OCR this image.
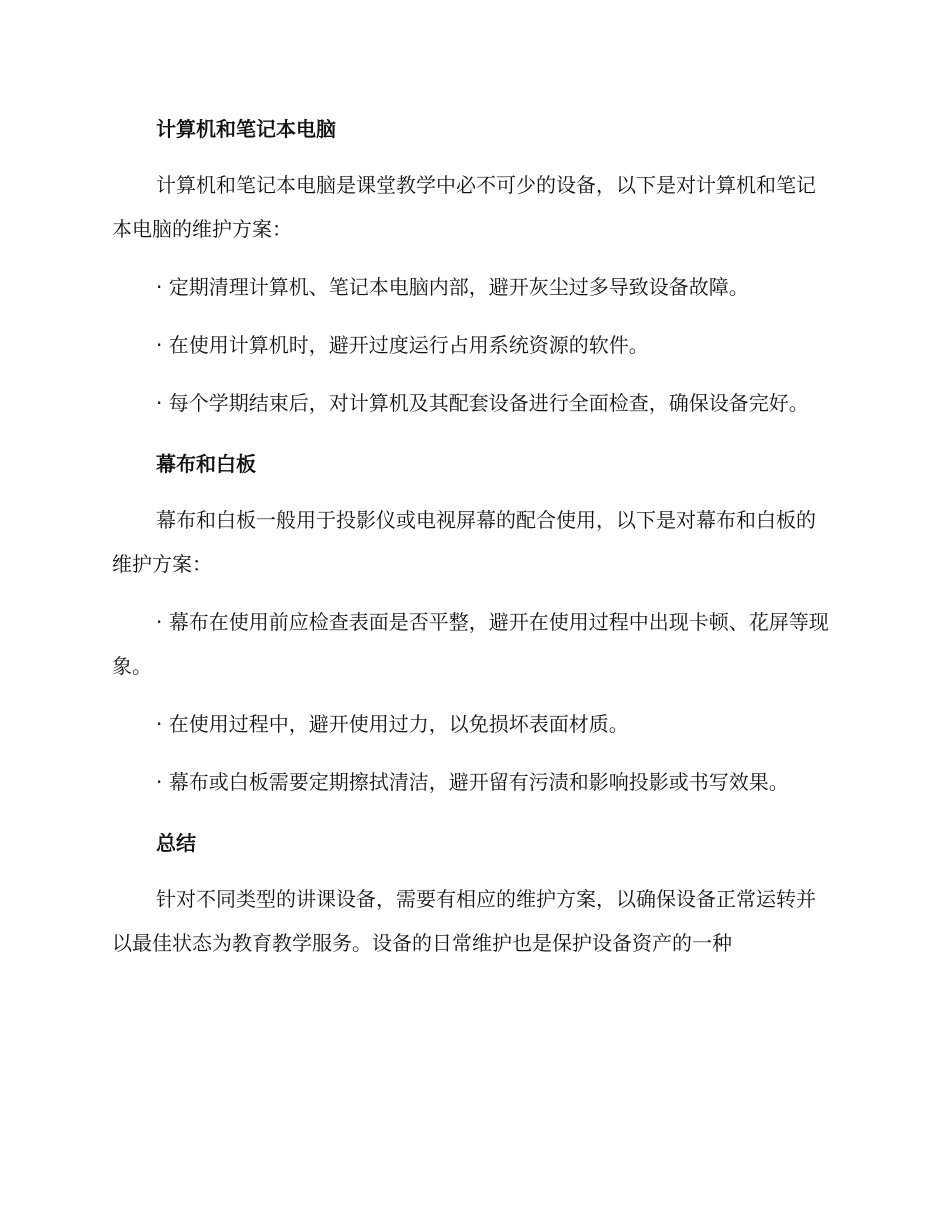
计算机和笔记本电脑
计算机和笔记本电脑是课堂教学中必不可少的设备，以下是对计算机和笔记本电脑的维护方案：
· 定期清理计算机、笔记本电脑内部，避开灰尘过多导致设备故障。
· 在使用计算机时，避开过度运行占用系统资源的软件。
· 每个学期结束后，对计算机及其配套设备进行全面检查，确保设备完好。
幕布和白板
幕布和白板一般用于投影仪或电视屏幕的配合使用，以下是对幕布和白板的维护方案：
· 幕布在使用前应检查表面是否平整，避开在使用过程中出现卡顿、花屏等现象。
· 在使用过程中，避开使用过力，以免损坏表面材质。
· 幕布或白板需要定期擦拭清洁，避开留有污渍和影响投影或书写效果。
总结
针对不同类型的讲课设备，需要有相应的维护方案，以确保设备正常运转并以最佳状态为教育教学服务。设备的日常维护也是保护设备资产的一种
